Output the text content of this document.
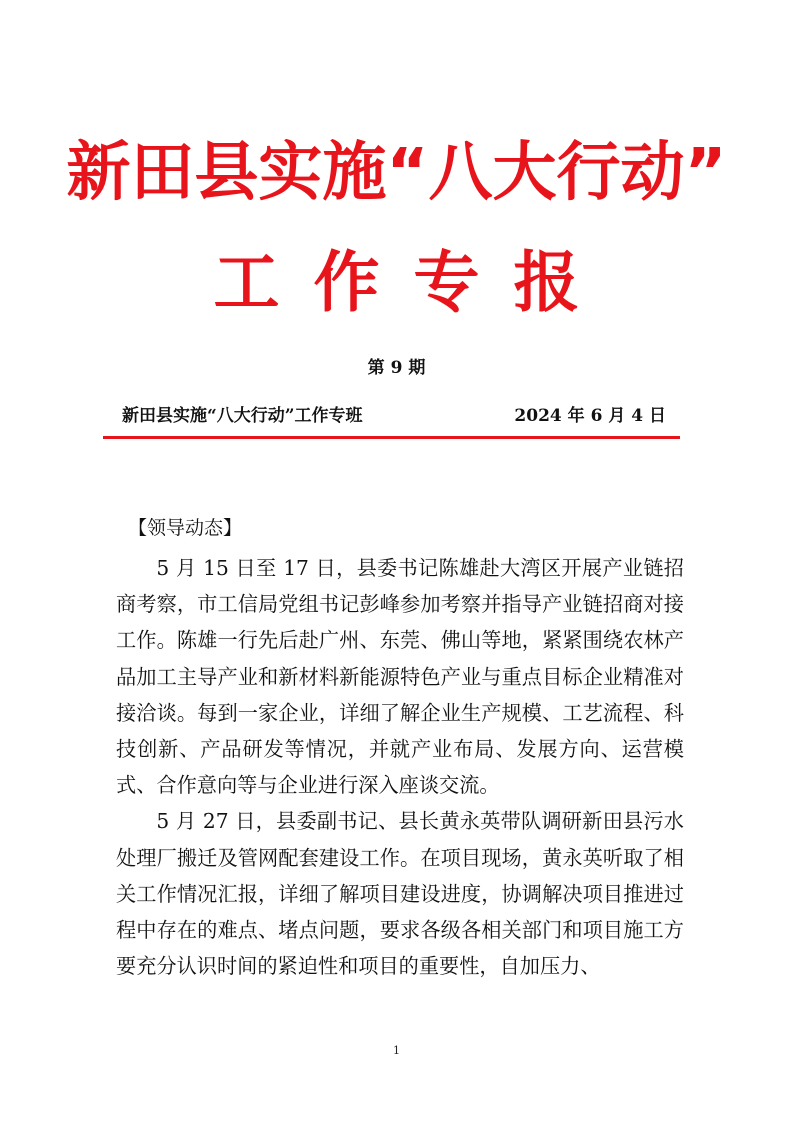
新田县实施“八大行动”
工作专报
第 9 期
新田县实施“八大行动”工作专班	2024 年 6 月 4 日
【领导动态】

5 月 15 日至 17 日，县委书记陈雄赴大湾区开展产业链招商考察，市工信局党组书记彭峰参加考察并指导产业链招商对接工作。陈雄一行先后赴广州、东莞、佛山等地，紧紧围绕农林产品加工主导产业和新材料新能源特色产业与重点目标企业精准对接洽谈。每到一家企业，详细了解企业生产规模、工艺流程、科技创新、产品研发等情况，并就产业布局、发展方向、运营模式、合作意向等与企业进行深入座谈交流。

5 月 27 日，县委副书记、县长黄永英带队调研新田县污水处理厂搬迁及管网配套建设工作。在项目现场，黄永英听取了相关工作情况汇报，详细了解项目建设进度，协调解决项目推进过程中存在的难点、堵点问题，要求各级各相关部门和项目施工方要充分认识时间的紧迫性和项目的重要性，自加压力、

1
